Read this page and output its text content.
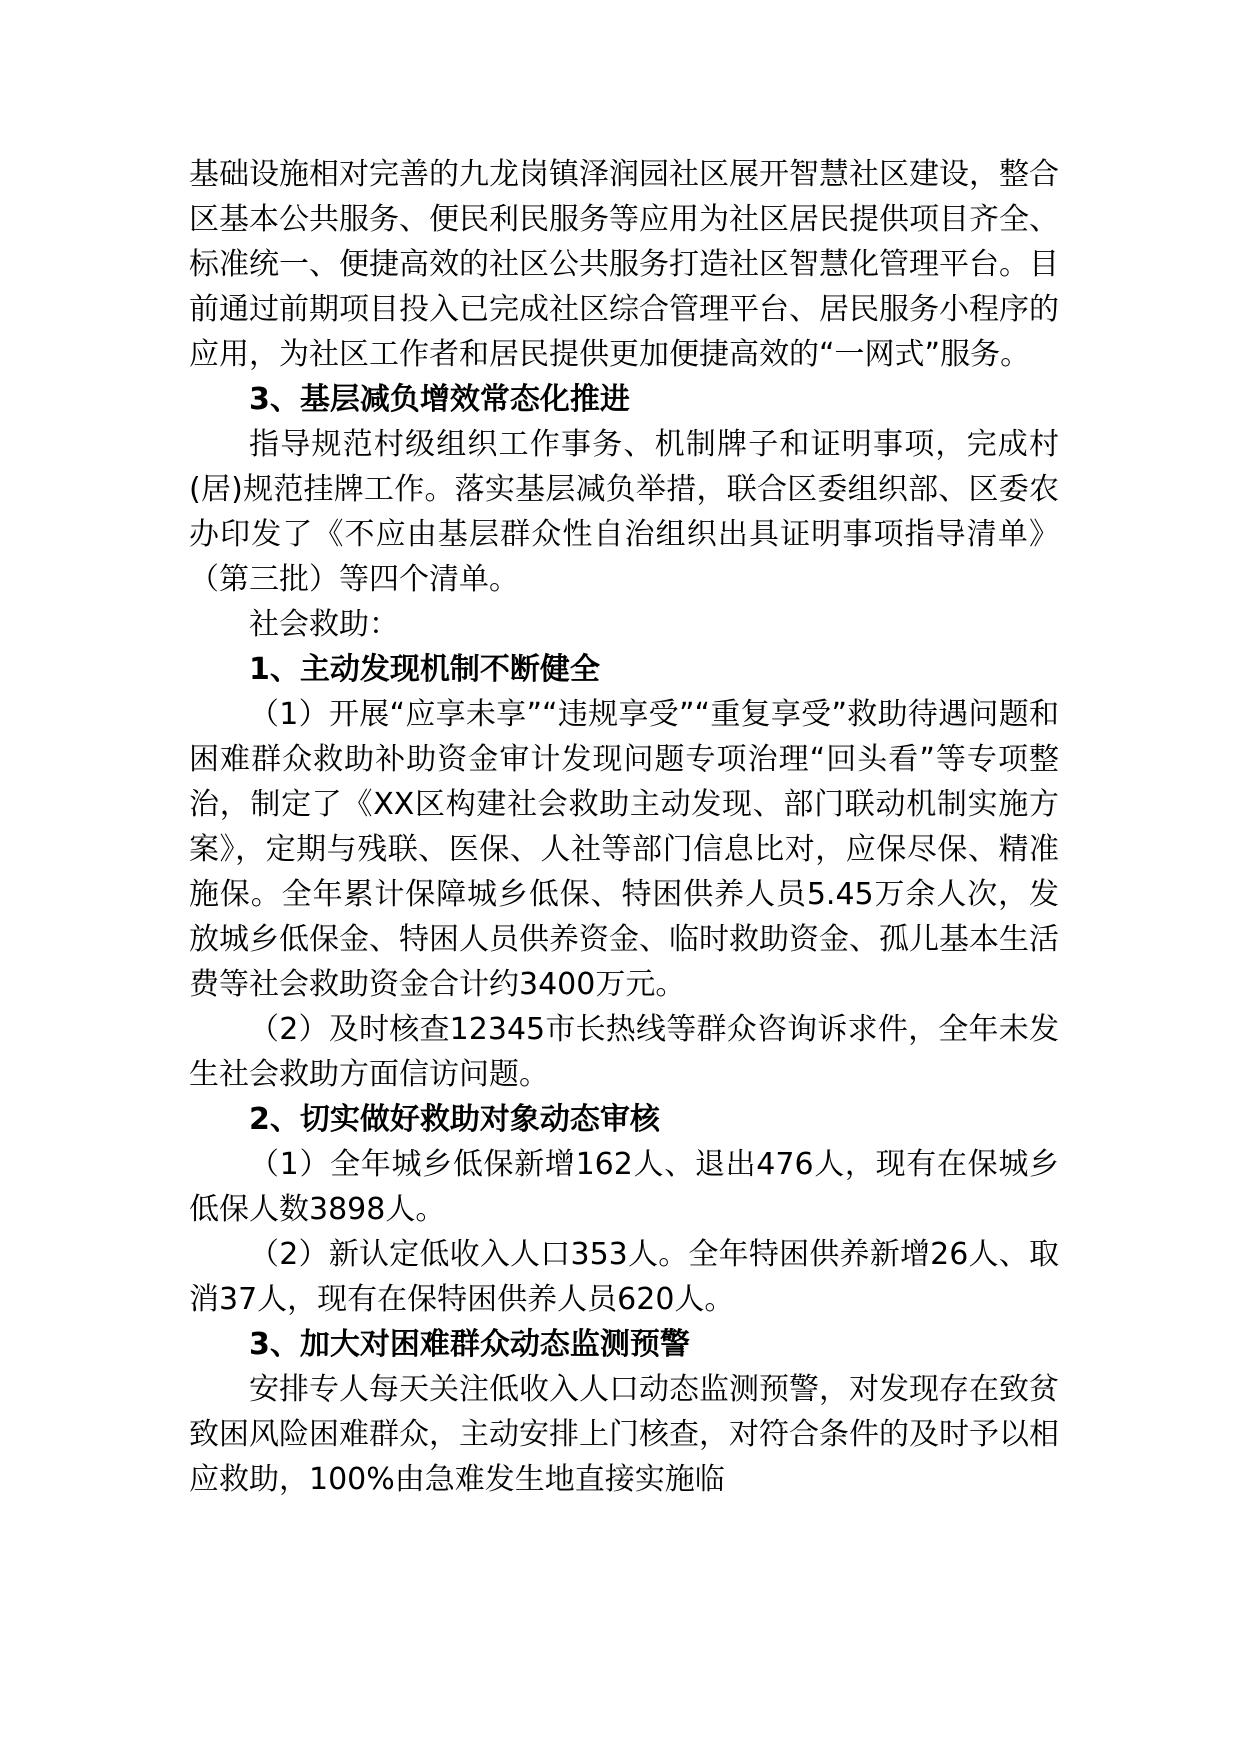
基础设施相对完善的九龙岗镇泽润园社区展开智慧社区建设，整合区基本公共服务、便民利民服务等应用为社区居民提供项目齐全、标准统一、便捷高效的社区公共服务打造社区智慧化管理平台。目前通过前期项目投入已完成社区综合管理平台、居民服务小程序的应用，为社区工作者和居民提供更加便捷高效的“一网式”服务。

3、基层减负增效常态化推进

指导规范村级组织工作事务、机制牌子和证明事项，完成村(居)规范挂牌工作。落实基层减负举措，联合区委组织部、区委农办印发了《不应由基层群众性自治组织出具证明事项指导清单》（第三批）等四个清单。

社会救助：

1、主动发现机制不断健全

（1）开展“应享未享”“违规享受”“重复享受”救助待遇问题和困难群众救助补助资金审计发现问题专项治理“回头看”等专项整治，制定了《XX区构建社会救助主动发现、部门联动机制实施方案》，定期与残联、医保、人社等部门信息比对，应保尽保、精准施保。全年累计保障城乡低保、特困供养人员5.45万余人次，发放城乡低保金、特困人员供养资金、临时救助资金、孤儿基本生活费等社会救助资金合计约3400万元。

（2）及时核查12345市长热线等群众咨询诉求件，全年未发生社会救助方面信访问题。

2、切实做好救助对象动态审核

（1）全年城乡低保新增162人、退出476人，现有在保城乡低保人数3898人。

（2）新认定低收入人口353人。全年特困供养新增26人、取消37人，现有在保特困供养人员620人。

3、加大对困难群众动态监测预警

安排专人每天关注低收入人口动态监测预警，对发现存在致贫致困风险困难群众，主动安排上门核查，对符合条件的及时予以相应救助，100%由急难发生地直接实施临
